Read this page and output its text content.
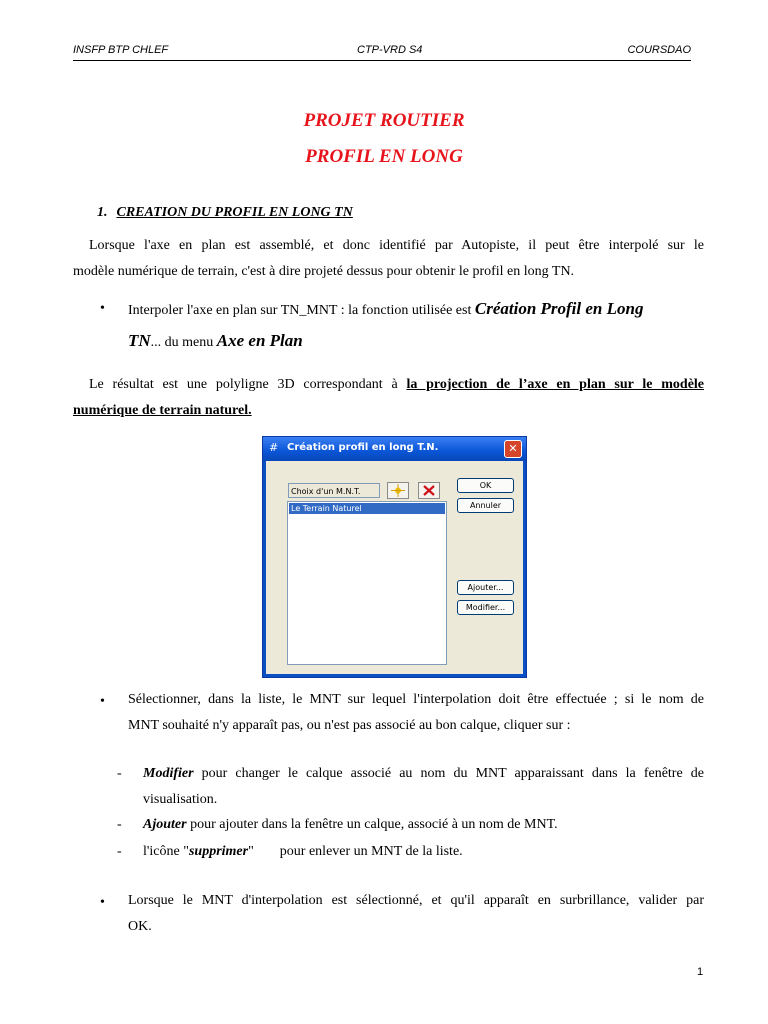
INSFP BTP CHLEF	CTP-VRD S4	COURSDAO
PROJET ROUTIER
PROFIL EN LONG
1. CREATION DU PROFIL EN LONG TN
Lorsque l'axe en plan est assemblé, et donc identifié par Autopiste, il peut être interpolé sur le
modèle numérique de terrain, c'est à dire projeté dessus pour obtenir le profil en long TN.
• Interpoler l'axe en plan sur TN_MNT : la fonction utilisée est Création Profil en Long
TN... du menu Axe en Plan
Le résultat est une polyligne 3D correspondant à la projection de l’axe en plan sur le modèle
numérique de terrain naturel.
# Création profil en long T.N.	✕
Choix d'un M.N.T.
Le Terrain Naturel
OK
Annuler
Ajouter...
Modifier...
• Sélectionner, dans la liste, le MNT sur lequel l'interpolation doit être effectuée ; si le nom de
MNT souhaité n'y apparaît pas, ou n'est pas associé au bon calque, cliquer sur :
- Modifier pour changer le calque associé au nom du MNT apparaissant dans la fenêtre de
visualisation.
- Ajouter pour ajouter dans la fenêtre un calque, associé à un nom de MNT.
- l'icône "supprimer" pour enlever un MNT de la liste.
• Lorsque le MNT d'interpolation est sélectionné, et qu'il apparaît en surbrillance, valider par
OK.
1
